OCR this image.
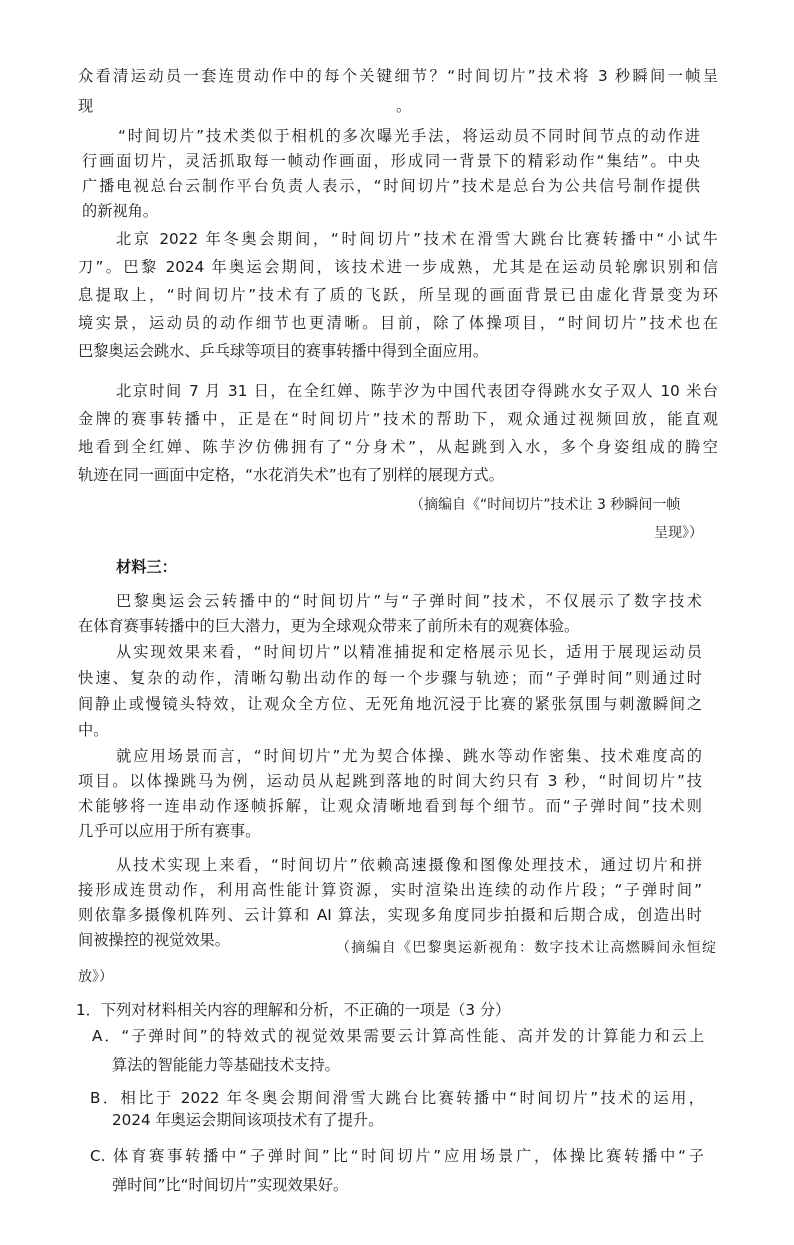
众看清运动员一套连贯动作中的每个关键细节？“时间切片”技术将 3 秒瞬间一帧呈
现	。
“时间切片”技术类似于相机的多次曝光手法，将运动员不同时间节点的动作进
行画面切片，灵活抓取每一帧动作画面，形成同一背景下的精彩动作“集结”。中央
广播电视总台云制作平台负责人表示，“时间切片”技术是总台为公共信号制作提供
的新视角。
北京 2022 年冬奥会期间，“时间切片”技术在滑雪大跳台比赛转播中“小试牛
刀”。巴黎 2024 年奥运会期间，该技术进一步成熟，尤其是在运动员轮廓识别和信
息提取上，“时间切片”技术有了质的飞跃，所呈现的画面背景已由虚化背景变为环
境实景，运动员的动作细节也更清晰。目前，除了体操项目，“时间切片”技术也在
巴黎奥运会跳水、乒乓球等项目的赛事转播中得到全面应用。
北京时间 7 月 31 日，在全红婵、陈芋汐为中国代表团夺得跳水女子双人 10 米台
金牌的赛事转播中，正是在“时间切片”技术的帮助下，观众通过视频回放，能直观
地看到全红婵、陈芋汐仿佛拥有了“分身术”，从起跳到入水，多个身姿组成的腾空
轨迹在同一画面中定格，“水花消失术”也有了别样的展现方式。
（摘编自《“时间切片”技术让 3 秒瞬间一帧
呈现》）
材料三：
巴黎奥运会云转播中的“时间切片”与“子弹时间”技术，不仅展示了数字技术
在体育赛事转播中的巨大潜力，更为全球观众带来了前所未有的观赛体验。
从实现效果来看，“时间切片”以精准捕捉和定格展示见长，适用于展现运动员
快速、复杂的动作，清晰勾勒出动作的每一个步骤与轨迹；而“子弹时间”则通过时
间静止或慢镜头特效，让观众全方位、无死角地沉浸于比赛的紧张氛围与刺激瞬间之
中。
就应用场景而言，“时间切片”尤为契合体操、跳水等动作密集、技术难度高的
项目。以体操跳马为例，运动员从起跳到落地的时间大约只有 3 秒，“时间切片”技
术能够将一连串动作逐帧拆解，让观众清晰地看到每个细节。而“子弹时间”技术则
几乎可以应用于所有赛事。
从技术实现上来看，“时间切片”依赖高速摄像和图像处理技术，通过切片和拼
接形成连贯动作，利用高性能计算资源，实时渲染出连续的动作片段；“子弹时间”
则依靠多摄像机阵列、云计算和 AI 算法，实现多角度同步拍摄和后期合成，创造出时
间被操控的视觉效果。	（摘编自《巴黎奥运新视角：数字技术让高燃瞬间永恒绽
放》）
1．下列对材料相关内容的理解和分析，不正确的一项是（3 分）
A．“子弹时间”的特效式的视觉效果需要云计算高性能、高并发的计算能力和云上
算法的智能能力等基础技术支持。
B．相比于 2022 年冬奥会期间滑雪大跳台比赛转播中“时间切片”技术的运用，
2024 年奥运会期间该项技术有了提升。
C. 体育赛事转播中“子弹时间”比“时间切片”应用场景广，体操比赛转播中“子
弹时间”比“时间切片”实现效果好。
